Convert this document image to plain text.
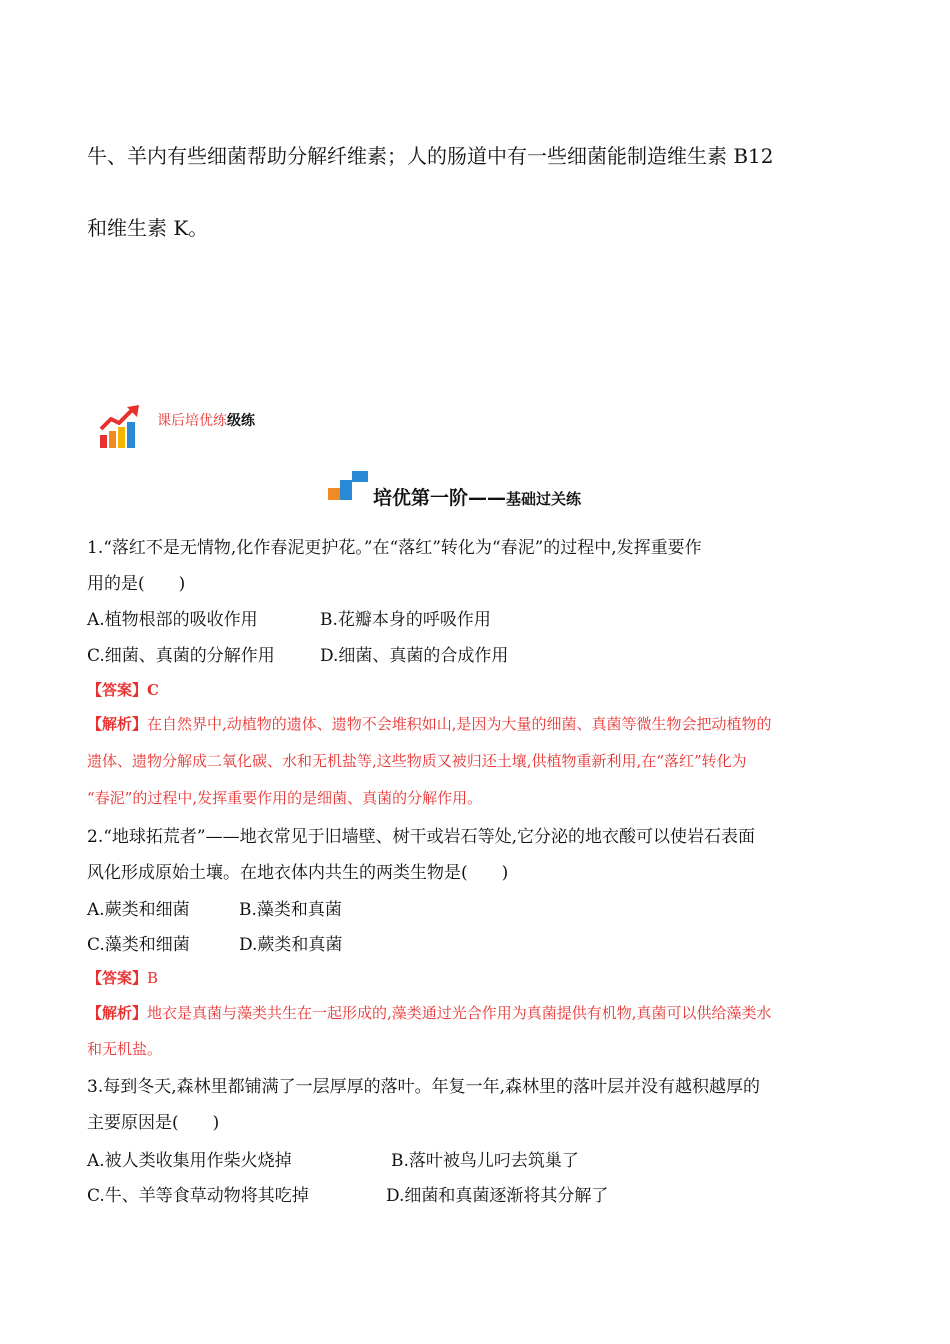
牛、羊内有些细菌帮助分解纤维素；人的肠道中有一些细菌能制造维生素 B12
和维生素 K。
课后培优练级练
培优第一阶——基础过关练
1.“落红不是无情物,化作春泥更护花。”在“落红”转化为“春泥”的过程中,发挥重要作
用的是(　　)
A.植物根部的吸收作用	B.花瓣本身的呼吸作用
C.细菌、真菌的分解作用	D.细菌、真菌的合成作用
【答案】C
【解析】在自然界中,动植物的遗体、遗物不会堆积如山,是因为大量的细菌、真菌等微生物会把动植物的
遗体、遗物分解成二氧化碳、水和无机盐等,这些物质又被归还土壤,供植物重新利用,在“落红”转化为
“春泥”的过程中,发挥重要作用的是细菌、真菌的分解作用。
2.“地球拓荒者”——地衣常见于旧墙壁、树干或岩石等处,它分泌的地衣酸可以使岩石表面
风化形成原始土壤。在地衣体内共生的两类生物是(　　)
A.蕨类和细菌	B.藻类和真菌
C.藻类和细菌	D.蕨类和真菌
【答案】B
【解析】地衣是真菌与藻类共生在一起形成的,藻类通过光合作用为真菌提供有机物,真菌可以供给藻类水
和无机盐。
3.每到冬天,森林里都铺满了一层厚厚的落叶。年复一年,森林里的落叶层并没有越积越厚的
主要原因是(　　)
A.被人类收集用作柴火烧掉	B.落叶被鸟儿叼去筑巢了
C.牛、羊等食草动物将其吃掉	D.细菌和真菌逐渐将其分解了
